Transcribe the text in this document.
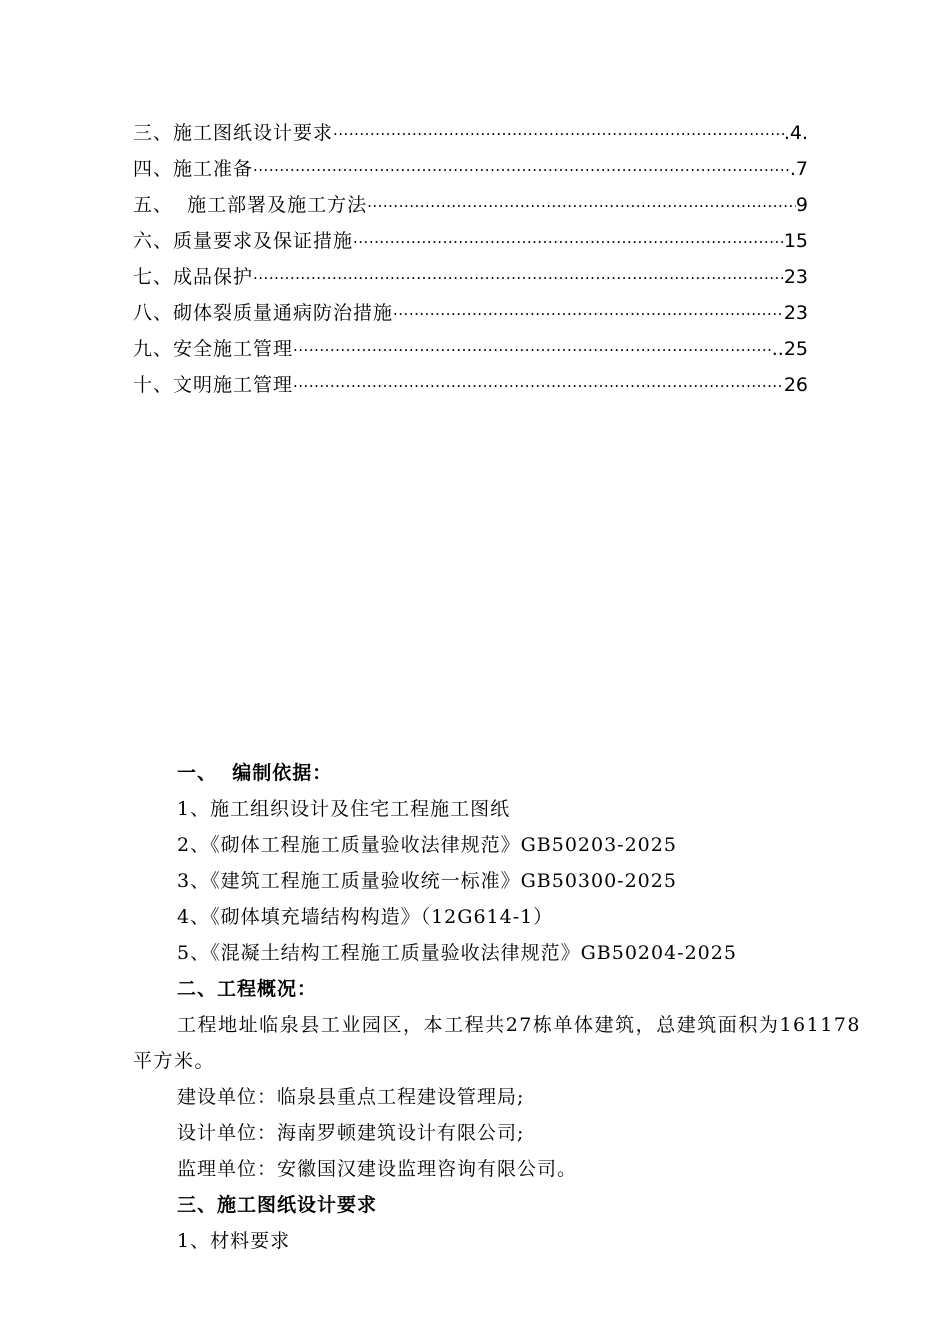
三、施工图纸设计要求 ·····	.4.
四、施工准备 ·····	.7
五、  施工部署及施工方法 ·····	9
六、质量要求及保证措施 ·····	15
七、成品保护 ·····	23
八、砌体裂质量通病防治措施 ·····	23
九、安全施工管理 ·····	..25
十、文明施工管理 ·····	26
一、  编制依据：
1、施工组织设计及住宅工程施工图纸
2、《砌体工程施工质量验收法律规范》GB50203-2025
3、《建筑工程施工质量验收统一标准》GB50300-2025
4、《砌体填充墙结构构造》（12G614-1）
5、《混凝土结构工程施工质量验收法律规范》GB50204-2025
二、工程概况：
工程地址临泉县工业园区，本工程共27栋单体建筑，总建筑面积为161178平方米。
建设单位：临泉县重点工程建设管理局;
设计单位：海南罗顿建筑设计有限公司;
监理单位：安徽国汉建设监理咨询有限公司。
三、施工图纸设计要求
1、材料要求
